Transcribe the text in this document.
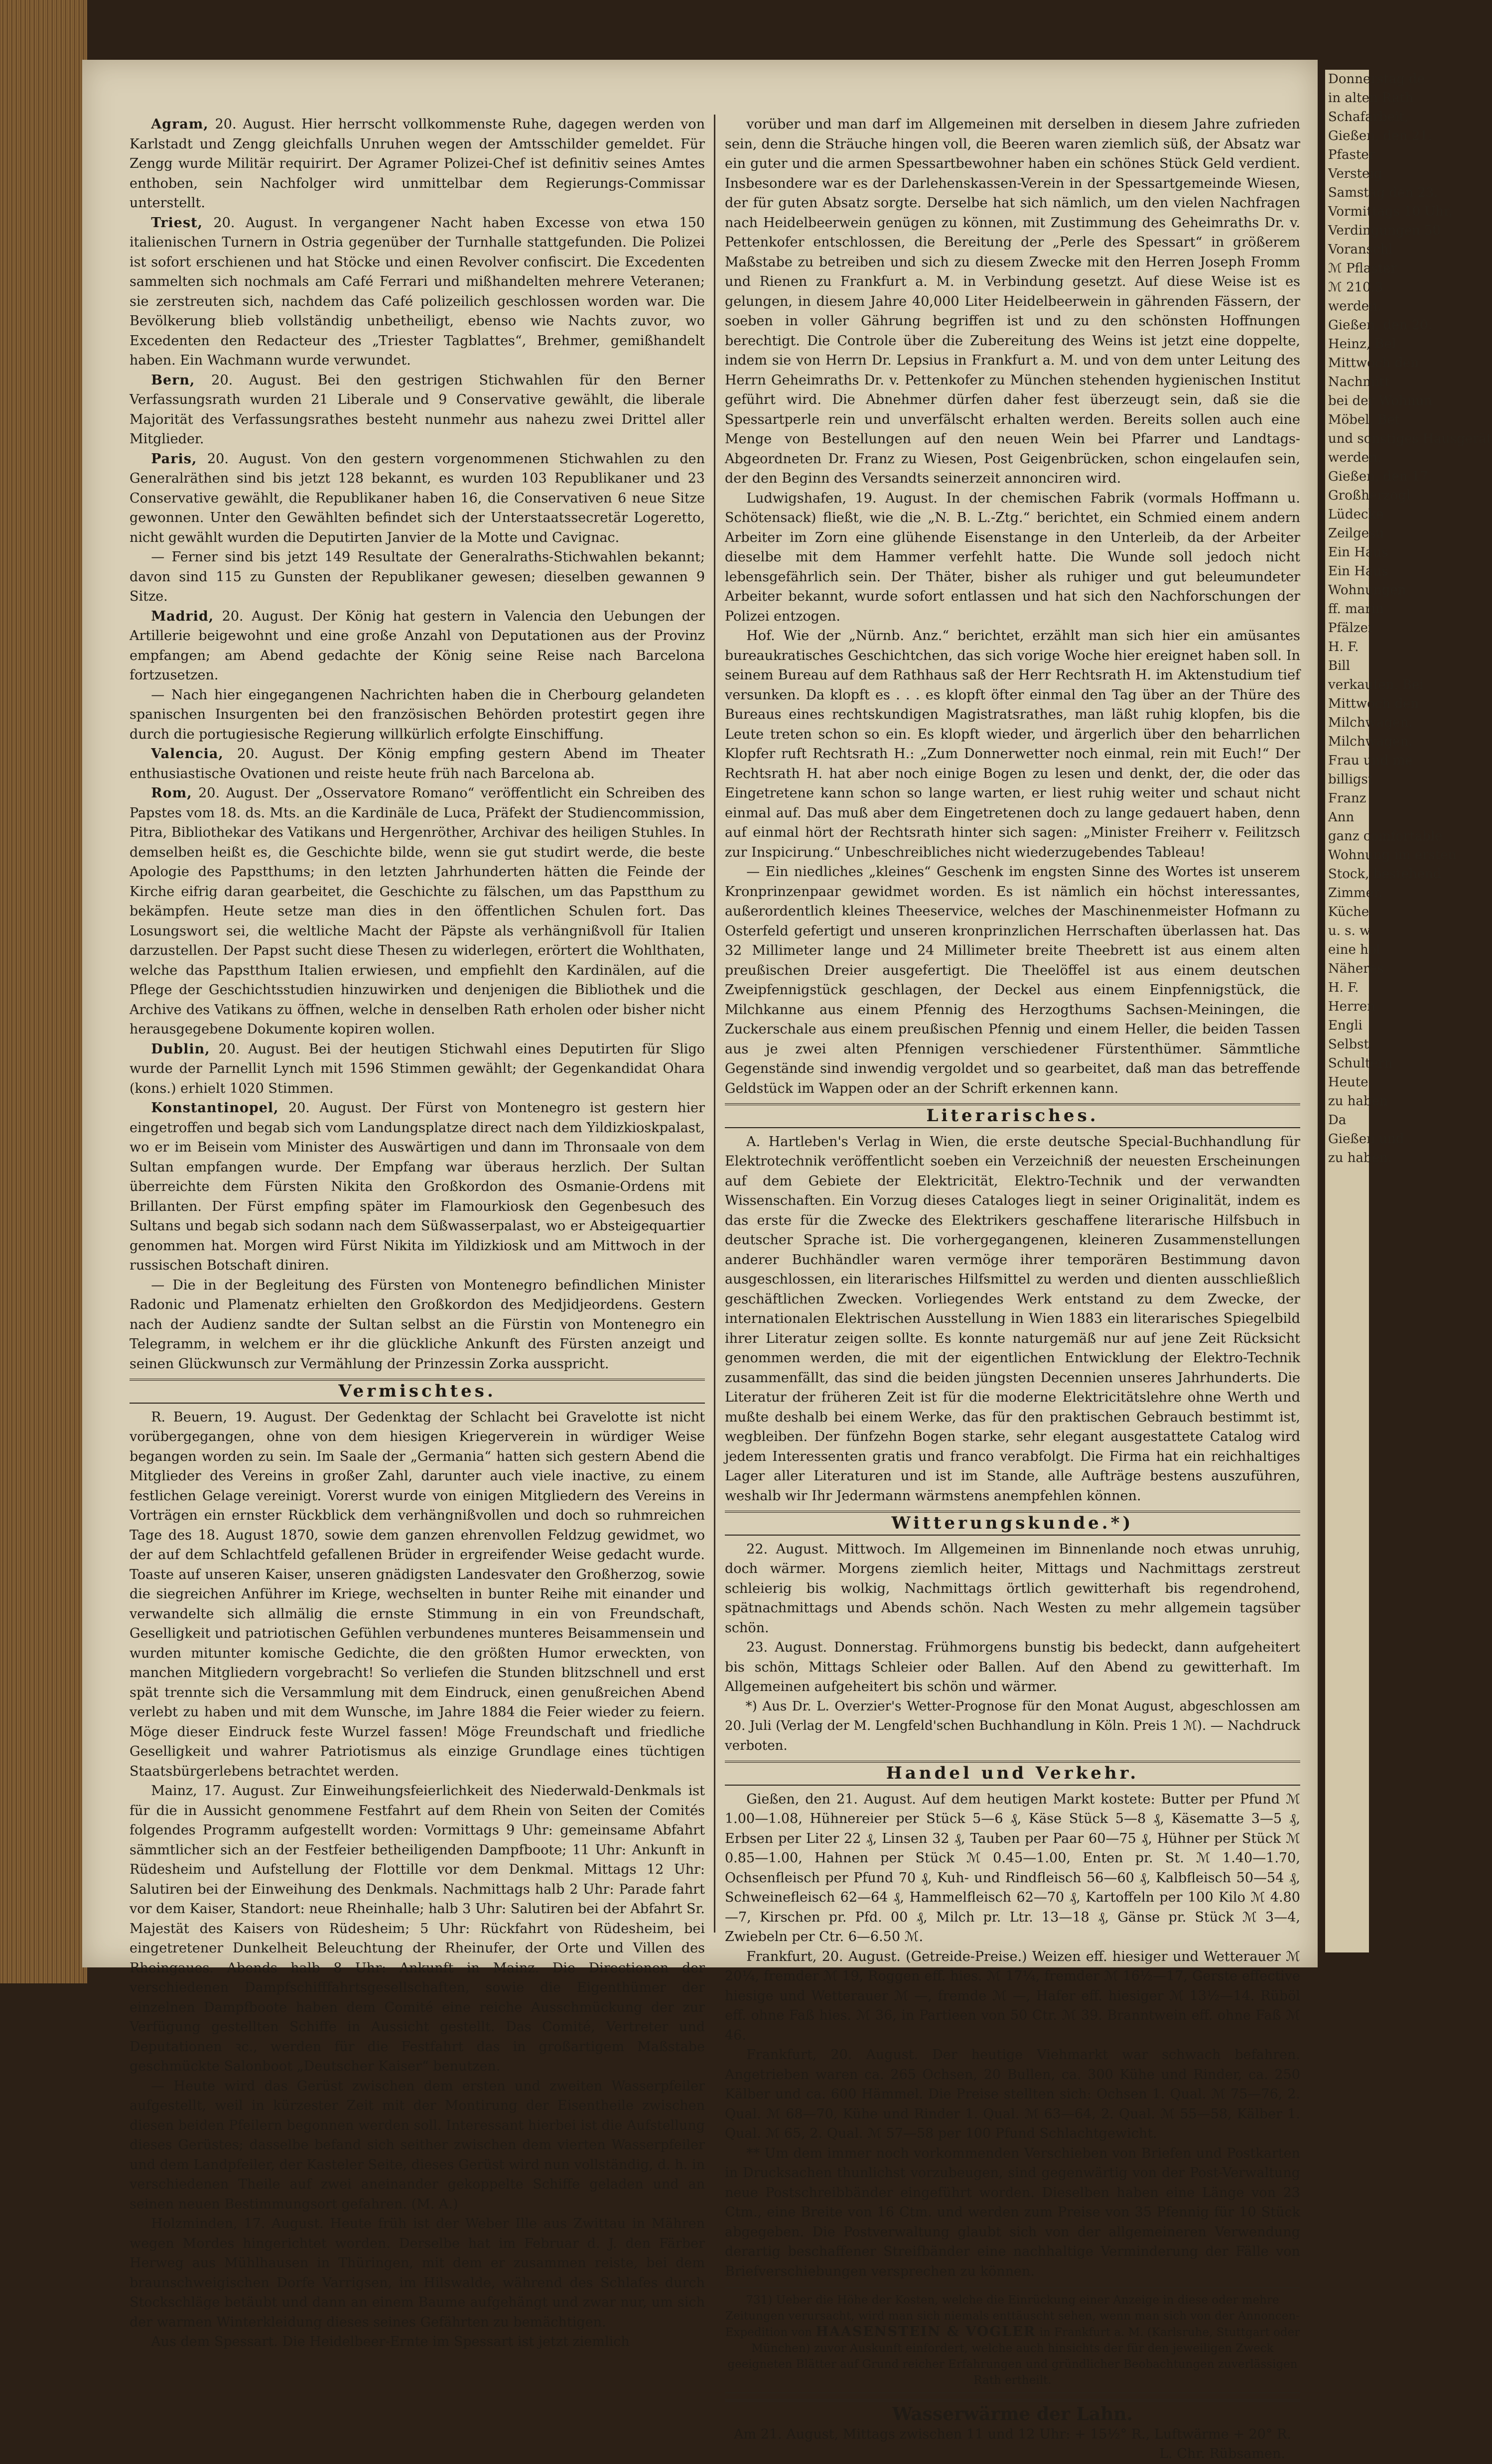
Agram, 20. August. Hier herrscht vollkommenste Ruhe, dagegen werden von Karlstadt und Zengg gleichfalls Unruhen wegen der Amtsschilder gemeldet. Für Zengg wurde Militär requirirt. Der Agramer Polizei-Chef ist definitiv seines Amtes enthoben, sein Nachfolger wird unmittelbar dem Regierungs-Commissar unterstellt.

Triest, 20. August. In vergangener Nacht haben Excesse von etwa 150 italienischen Turnern in Ostria gegenüber der Turnhalle stattgefunden. Die Polizei ist sofort erschienen und hat Stöcke und einen Revolver confiscirt. Die Excedenten sammelten sich nochmals am Café Ferrari und mißhandelten mehrere Veteranen; sie zerstreuten sich, nachdem das Café polizeilich geschlossen worden war. Die Bevölkerung blieb vollständig unbetheiligt, ebenso wie Nachts zuvor, wo Excedenten den Redacteur des „Triester Tagblattes“, Brehmer, gemißhandelt haben. Ein Wachmann wurde verwundet.

Bern, 20. August. Bei den gestrigen Stichwahlen für den Berner Verfassungsrath wurden 21 Liberale und 9 Conservative gewählt, die liberale Majorität des Verfassungsrathes besteht nunmehr aus nahezu zwei Drittel aller Mitglieder.

Paris, 20. August. Von den gestern vorgenommenen Stichwahlen zu den Generalräthen sind bis jetzt 128 bekannt, es wurden 103 Republikaner und 23 Conservative gewählt, die Republikaner haben 16, die Conservativen 6 neue Sitze gewonnen. Unter den Gewählten befindet sich der Unterstaatssecretär Logeretto, nicht gewählt wurden die Deputirten Janvier de la Motte und Cavignac.

— Ferner sind bis jetzt 149 Resultate der Generalraths-Stichwahlen bekannt; davon sind 115 zu Gunsten der Republikaner gewesen; dieselben gewannen 9 Sitze.

Madrid, 20. August. Der König hat gestern in Valencia den Uebungen der Artillerie beigewohnt und eine große Anzahl von Deputationen aus der Provinz empfangen; am Abend gedachte der König seine Reise nach Barcelona fortzusetzen.

— Nach hier eingegangenen Nachrichten haben die in Cherbourg gelandeten spanischen Insurgenten bei den französischen Behörden protestirt gegen ihre durch die portugiesische Regierung willkürlich erfolgte Einschiffung.

Valencia, 20. August. Der König empfing gestern Abend im Theater enthusiastische Ovationen und reiste heute früh nach Barcelona ab.

Rom, 20. August. Der „Osservatore Romano“ veröffentlicht ein Schreiben des Papstes vom 18. ds. Mts. an die Kardinäle de Luca, Präfekt der Studiencommission, Pitra, Bibliothekar des Vatikans und Hergenröther, Archivar des heiligen Stuhles. In demselben heißt es, die Geschichte bilde, wenn sie gut studirt werde, die beste Apologie des Papstthums; in den letzten Jahrhunderten hätten die Feinde der Kirche eifrig daran gearbeitet, die Geschichte zu fälschen, um das Papstthum zu bekämpfen. Heute setze man dies in den öffentlichen Schulen fort. Das Losungswort sei, die weltliche Macht der Päpste als verhängnißvoll für Italien darzustellen. Der Papst sucht diese Thesen zu widerlegen, erörtert die Wohlthaten, welche das Papstthum Italien erwiesen, und empfiehlt den Kardinälen, auf die Pflege der Geschichtsstudien hinzuwirken und denjenigen die Bibliothek und die Archive des Vatikans zu öffnen, welche in denselben Rath erholen oder bisher nicht herausgegebene Dokumente kopiren wollen.

Dublin, 20. August. Bei der heutigen Stichwahl eines Deputirten für Sligo wurde der Parnellit Lynch mit 1596 Stimmen gewählt; der Gegenkandidat Ohara (kons.) erhielt 1020 Stimmen.

Konstantinopel, 20. August. Der Fürst von Montenegro ist gestern hier eingetroffen und begab sich vom Landungsplatze direct nach dem Yildizkioskpalast, wo er im Beisein vom Minister des Auswärtigen und dann im Thronsaale von dem Sultan empfangen wurde. Der Empfang war überaus herzlich. Der Sultan überreichte dem Fürsten Nikita den Großkordon des Osmanie-Ordens mit Brillanten. Der Fürst empfing später im Flamourkiosk den Gegenbesuch des Sultans und begab sich sodann nach dem Süßwasserpalast, wo er Absteigequartier genommen hat. Morgen wird Fürst Nikita im Yildizkiosk und am Mittwoch in der russischen Botschaft diniren.

— Die in der Begleitung des Fürsten von Montenegro befindlichen Minister Radonic und Plamenatz erhielten den Großkordon des Medjidjeordens. Gestern nach der Audienz sandte der Sultan selbst an die Fürstin von Montenegro ein Telegramm, in welchem er ihr die glückliche Ankunft des Fürsten anzeigt und seinen Glückwunsch zur Vermählung der Prinzessin Zorka ausspricht.

Vermischtes.

R. Beuern, 19. August. Der Gedenktag der Schlacht bei Gravelotte ist nicht vorübergegangen, ohne von dem hiesigen Kriegerverein in würdiger Weise begangen worden zu sein. Im Saale der „Germania“ hatten sich gestern Abend die Mitglieder des Vereins in großer Zahl, darunter auch viele inactive, zu einem festlichen Gelage vereinigt. Vorerst wurde von einigen Mitgliedern des Vereins in Vorträgen ein ernster Rückblick dem verhängnißvollen und doch so ruhmreichen Tage des 18. August 1870, sowie dem ganzen ehrenvollen Feldzug gewidmet, wo der auf dem Schlachtfeld gefallenen Brüder in ergreifender Weise gedacht wurde. Toaste auf unseren Kaiser, unseren gnädigsten Landesvater den Großherzog, sowie die siegreichen Anführer im Kriege, wechselten in bunter Reihe mit einander und verwandelte sich allmälig die ernste Stimmung in ein von Freundschaft, Geselligkeit und patriotischen Gefühlen verbundenes munteres Beisammensein und wurden mitunter komische Gedichte, die den größten Humor erweckten, von manchen Mitgliedern vorgebracht! So verliefen die Stunden blitzschnell und erst spät trennte sich die Versammlung mit dem Eindruck, einen genußreichen Abend verlebt zu haben und mit dem Wunsche, im Jahre 1884 die Feier wieder zu feiern. Möge dieser Eindruck feste Wurzel fassen! Möge Freundschaft und friedliche Geselligkeit und wahrer Patriotismus als einzige Grundlage eines tüchtigen Staatsbürgerlebens betrachtet werden.

Mainz, 17. August. Zur Einweihungsfeierlichkeit des Niederwald-Denkmals ist für die in Aussicht genommene Festfahrt auf dem Rhein von Seiten der Comités folgendes Programm aufgestellt worden: Vormittags 9 Uhr: gemeinsame Abfahrt sämmtlicher sich an der Festfeier betheiligenden Dampfboote; 11 Uhr: Ankunft in Rüdesheim und Aufstellung der Flottille vor dem Denkmal. Mittags 12 Uhr: Salutiren bei der Einweihung des Denkmals. Nachmittags halb 2 Uhr: Parade fahrt vor dem Kaiser, Standort: neue Rheinhalle; halb 3 Uhr: Salutiren bei der Abfahrt Sr. Majestät des Kaisers von Rüdesheim; 5 Uhr: Rückfahrt von Rüdesheim, bei eingetretener Dunkelheit Beleuchtung der Rheinufer, der Orte und Villen des Rheingaues. Abends halb 8 Uhr: Ankunft in Mainz. Die Directionen der verschiedenen Dampfschifffahrtsgesellschaften, sowie die Eigenthümer der einzelnen Dampfboote haben dem Comité eine reiche Ausschmückung der zur Verfügung gestellten Schiffe in Aussicht gestellt. Das Comité, Vertreter und Deputationen ꝛc., werden für die Festfahrt das in großartigem Maßstabe geschmückte Salonboot „Deutscher Kaiser“ benutzen.

— Heute wird das Gerüst zwischen dem ersten und zweiten Wasserpfeiler aufgestellt, weil in kürzester Zeit mit der Montirung der Eisentheile zwischen diesen beiden Pfeilern begonnen werden soll. Interessant hierbei ist die Aufstellung dieses Gerüstes; dasselbe befand sich seither zwischen dem vierten Wasserpfeiler und dem Landpfeiler, der Kasteler Seite, dieses Gerüst wird nun vollständig, d. h. in verschiedenen Theile auf zwei aneinander gekoppelte Schiffe geladen und an seinen neuen Bestimmungsort gefahren. (M. A.)

Holzminden, 17. August. Heute früh ist der Weber Ille aus Zwittau in Mähren wegen Mordes hingerichtet worden. Derselbe hat im Februar d. J. den Färber Herweg aus Mühlhausen in Thüringen, mit dem er zusammen reiste, bei dem braunschweigischen Dorfe Varrigsen, im Hilswalde, während des Schlafes durch Stockschläge betäubt und dann an einem Baume aufgehängt und zwar nur, um sich der warmen Winterkleidung dieses seines Gefährten zu bemächtigen.

Aus dem Spessart. Die Heidelbeer-Ernte im Spessart ist jetzt ziemlich

vorüber und man darf im Allgemeinen mit derselben in diesem Jahre zufrieden sein, denn die Sträuche hingen voll, die Beeren waren ziemlich süß, der Absatz war ein guter und die armen Spessartbewohner haben ein schönes Stück Geld verdient. Insbesondere war es der Darlehenskassen-Verein in der Spessartgemeinde Wiesen, der für guten Absatz sorgte. Derselbe hat sich nämlich, um den vielen Nachfragen nach Heidelbeerwein genügen zu können, mit Zustimmung des Geheimraths Dr. v. Pettenkofer entschlossen, die Bereitung der „Perle des Spessart“ in größerem Maßstabe zu betreiben und sich zu diesem Zwecke mit den Herren Joseph Fromm und Rienen zu Frankfurt a. M. in Verbindung gesetzt. Auf diese Weise ist es gelungen, in diesem Jahre 40,000 Liter Heidelbeerwein in gährenden Fässern, der soeben in voller Gährung begriffen ist und zu den schönsten Hoffnungen berechtigt. Die Controle über die Zubereitung des Weins ist jetzt eine doppelte, indem sie von Herrn Dr. Lepsius in Frankfurt a. M. und von dem unter Leitung des Herrn Geheimraths Dr. v. Pettenkofer zu München stehenden hygienischen Institut geführt wird. Die Abnehmer dürfen daher fest überzeugt sein, daß sie die Spessartperle rein und unverfälscht erhalten werden. Bereits sollen auch eine Menge von Bestellungen auf den neuen Wein bei Pfarrer und Landtags-Abgeordneten Dr. Franz zu Wiesen, Post Geigenbrücken, schon eingelaufen sein, der den Beginn des Versandts seinerzeit annonciren wird.

Ludwigshafen, 19. August. In der chemischen Fabrik (vormals Hoffmann u. Schötensack) fließt, wie die „N. B. L.-Ztg.“ berichtet, ein Schmied einem andern Arbeiter im Zorn eine glühende Eisenstange in den Unterleib, da der Arbeiter dieselbe mit dem Hammer verfehlt hatte. Die Wunde soll jedoch nicht lebensgefährlich sein. Der Thäter, bisher als ruhiger und gut beleumundeter Arbeiter bekannt, wurde sofort entlassen und hat sich den Nachforschungen der Polizei entzogen.

Hof. Wie der „Nürnb. Anz.“ berichtet, erzählt man sich hier ein amüsantes bureaukratisches Geschichtchen, das sich vorige Woche hier ereignet haben soll. In seinem Bureau auf dem Rathhaus saß der Herr Rechtsrath H. im Aktenstudium tief versunken. Da klopft es . . . es klopft öfter einmal den Tag über an der Thüre des Bureaus eines rechtskundigen Magistratsrathes, man läßt ruhig klopfen, bis die Leute treten schon so ein. Es klopft wieder, und ärgerlich über den beharrlichen Klopfer ruft Rechtsrath H.: „Zum Donnerwetter noch einmal, rein mit Euch!“ Der Rechtsrath H. hat aber noch einige Bogen zu lesen und denkt, der, die oder das Eingetretene kann schon so lange warten, er liest ruhig weiter und schaut nicht einmal auf. Das muß aber dem Eingetretenen doch zu lange gedauert haben, denn auf einmal hört der Rechtsrath hinter sich sagen: „Minister Freiherr v. Feilitzsch zur Inspicirung.“ Unbeschreibliches nicht wiederzugebendes Tableau!

— Ein niedliches „kleines“ Geschenk im engsten Sinne des Wortes ist unserem Kronprinzenpaar gewidmet worden. Es ist nämlich ein höchst interessantes, außerordentlich kleines Theeservice, welches der Maschinenmeister Hofmann zu Osterfeld gefertigt und unseren kronprinzlichen Herrschaften überlassen hat. Das 32 Millimeter lange und 24 Millimeter breite Theebrett ist aus einem alten preußischen Dreier ausgefertigt. Die Theelöffel ist aus einem deutschen Zweipfennigstück geschlagen, der Deckel aus einem Einpfennigstück, die Milchkanne aus einem Pfennig des Herzogthums Sachsen-Meiningen, die Zuckerschale aus einem preußischen Pfennig und einem Heller, die beiden Tassen aus je zwei alten Pfennigen verschiedener Fürstenthümer. Sämmtliche Gegenstände sind inwendig vergoldet und so gearbeitet, daß man das betreffende Geldstück im Wappen oder an der Schrift erkennen kann.

Literarisches.

A. Hartleben's Verlag in Wien, die erste deutsche Special-Buchhandlung für Elektrotechnik veröffentlicht soeben ein Verzeichniß der neuesten Erscheinungen auf dem Gebiete der Elektricität, Elektro-Technik und der verwandten Wissenschaften. Ein Vorzug dieses Cataloges liegt in seiner Originalität, indem es das erste für die Zwecke des Elektrikers geschaffene literarische Hilfsbuch in deutscher Sprache ist. Die vorhergegangenen, kleineren Zusammenstellungen anderer Buchhändler waren vermöge ihrer temporären Bestimmung davon ausgeschlossen, ein literarisches Hilfsmittel zu werden und dienten ausschließlich geschäftlichen Zwecken. Vorliegendes Werk entstand zu dem Zwecke, der internationalen Elektrischen Ausstellung in Wien 1883 ein literarisches Spiegelbild ihrer Literatur zeigen sollte. Es konnte naturgemäß nur auf jene Zeit Rücksicht genommen werden, die mit der eigentlichen Entwicklung der Elektro-Technik zusammenfällt, das sind die beiden jüngsten Decennien unseres Jahrhunderts. Die Literatur der früheren Zeit ist für die moderne Elektricitätslehre ohne Werth und mußte deshalb bei einem Werke, das für den praktischen Gebrauch bestimmt ist, wegbleiben. Der fünfzehn Bogen starke, sehr elegant ausgestattete Catalog wird jedem Interessenten gratis und franco verabfolgt. Die Firma hat ein reichhaltiges Lager aller Literaturen und ist im Stande, alle Aufträge bestens auszuführen, weshalb wir Ihr Jedermann wärmstens anempfehlen können.

Witterungskunde.*)

22. August. Mittwoch. Im Allgemeinen im Binnenlande noch etwas unruhig, doch wärmer. Morgens ziemlich heiter, Mittags und Nachmittags zerstreut schleierig bis wolkig, Nachmittags örtlich gewitterhaft bis regendrohend, spätnachmittags und Abends schön. Nach Westen zu mehr allgemein tagsüber schön.

23. August. Donnerstag. Frühmorgens bunstig bis bedeckt, dann aufgeheitert bis schön, Mittags Schleier oder Ballen. Auf den Abend zu gewitterhaft. Im Allgemeinen aufgeheitert bis schön und wärmer.

*) Aus Dr. L. Overzier's Wetter-Prognose für den Monat August, abgeschlossen am 20. Juli (Verlag der M. Lengfeld'schen Buchhandlung in Köln. Preis 1 ℳ). — Nachdruck verboten.

Handel und Verkehr.

Gießen, den 21. August. Auf dem heutigen Markt kostete: Butter per Pfund ℳ 1.00—1.08, Hühnereier per Stück 5—6 ₰, Käse Stück 5—8 ₰, Käsematte 3—5 ₰, Erbsen per Liter 22 ₰, Linsen 32 ₰, Tauben per Paar 60—75 ₰, Hühner per Stück ℳ 0.85—1.00, Hahnen per Stück ℳ 0.45—1.00, Enten pr. St. ℳ 1.40—1.70, Ochsenfleisch per Pfund 70 ₰, Kuh- und Rindfleisch 56—60 ₰, Kalbfleisch 50—54 ₰, Schweinefleisch 62—64 ₰, Hammelfleisch 62—70 ₰, Kartoffeln per 100 Kilo ℳ 4.80—7, Kirschen pr. Pfd. 00 ₰, Milch pr. Ltr. 13—18 ₰, Gänse pr. Stück ℳ 3—4, Zwiebeln per Ctr. 6—6.50 ℳ.

Frankfurt, 20. August. (Getreide-Preise.) Weizen eff. hiesiger und Wetterauer ℳ 20¼, fremder ℳ 19, Roggen eff. hies. ℳ 17¼, fremder ℳ 16½—17, Gerste effective hiesige und Wetterauer ℳ —, fremde ℳ —, Hafer eff. hiesiger ℳ 13½—14. Rüböl eff. ohne Faß hies. ℳ 36, in Partieen von 50 Ctr. ℳ 39. Branntwein eff. ohne Faß ℳ 46.

Frankfurt, 20. August. Der heutige Viehmarkt war schwach befahren. Angetrieben waren ca. 265 Ochsen, 20 Bullen, ca. 300 Kühe und Rinder, ca. 250 Kälber und ca. 600 Hämmel. Die Preise stellten sich: Ochsen 1. Qual. ℳ 75—76, 2. Qual. ℳ 68—70, Kühe und Rinder 1. Qual. ℳ 63—64, 2. Qual. ℳ 55—58, Kälber 1. Qual. ℳ 65, 2. Qual. ℳ 57—58 per 100 Pfund Schlachtgewicht.

** Um dem immer noch vorkommenden Verschieben von Briefen und Postkarten in Drucksachen thunlichst vorzubeugen, sind gegenwärtig von der Post-Verwaltung neue Postschreibbänder eingeführt worden. Dieselben haben eine Länge von 23 Ctm., eine Breite von 16 Ctm. und werden zum Preise von 35 Pfennig für 10 Stück abgegeben. Die Postverwaltung glaubt sich von der allgemeineren Verwendung derartig beschaffener Streifbänder eine nachhaltige Verminderung der Fälle von Briefverschiebungen versprechen zu können.

731) Ueber die Höhe der Kosten, welche die Einrückung einer Anzeige in diese oder mehre Zeitungen verursacht, wird man sich niemals enttäuscht sehen, wenn man sich von der Annoncen-Expedition von HAASENSTEIN & VOGLER in Frankfurt a. M. (Karlsruhe, Stuttgart oder München) zuvor Auskunft einfordert, welche auch hinsichts der für den jeweiligen Zweck geeigneten Blätter auf Grund reicher Erfahrungen und gründlicher Beobachtungen zuverlässigen Rath ertheilt.
Wasserwärme der Lahn.
Am 21. August, Mittags zwischen 11 und 12 Uhr: + 15½° R., Luftwärme + 20° R.
L. Chr. Rübsamen.
Donnerstag de
in alten Rath
Schafarbeit,
Gießen, den 21.
Pfaster
Versteig
Samstag den 23.
Vormittags 10 Uhr,
Verdingungen 50
Voranschl
ℳ Pflaster
ℳ 210.3
werden.
Gießen, den 20.
Heinz, Bel
Mittwoch den
Nachmitt
bei der Wohnun
Möbel, Bet
und sonstiges Hausgerät
werden.
Gießen, den 17.
Großherzogl
Lüdecke
Zeilgesu
Ein Haus
Ein Haus
Wohnungen
ff. marin
Pfälzer
H. F.
Bill
verkaufen. Bei
Mittwoch den
Milchwagen,
Milchwagen,
Frau und me
billigst
Franz
Ann
ganz comfortable
Wohnung im ersten
Stock, bestehend
Zimmer,
Küche
u. s. w.
eine hol
Näheres
H. F.
Herren
Engli
Selbst
Schultern
Heute
zu haben
Da
Gießen und
zu haben.
